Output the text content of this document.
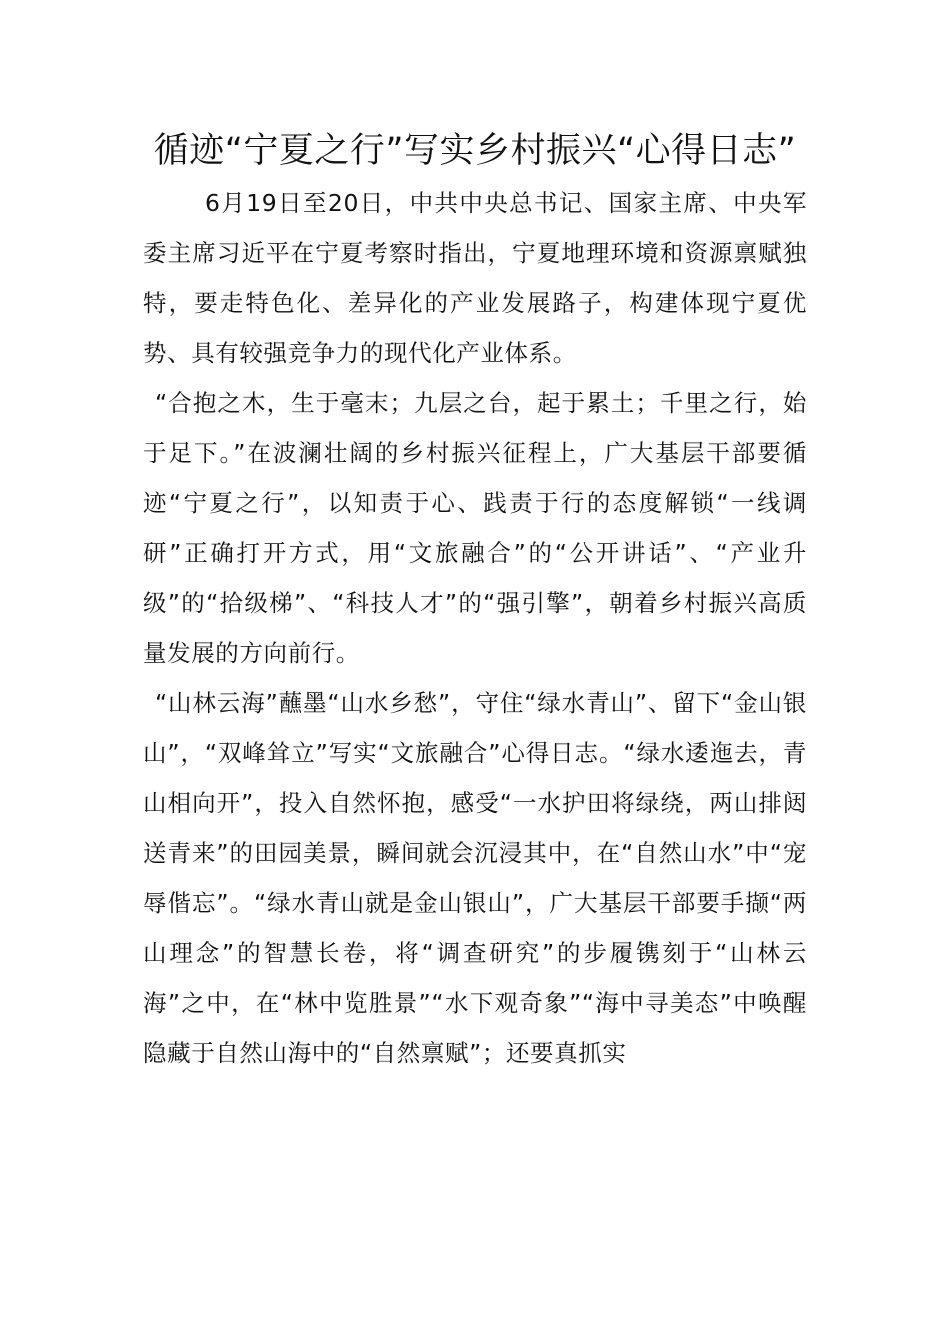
循迹“宁夏之行”写实乡村振兴“心得日志”

6月19日至20日，中共中央总书记、国家主席、中央军委主席习近平在宁夏考察时指出，宁夏地理环境和资源禀赋独特，要走特色化、差异化的产业发展路子，构建体现宁夏优势、具有较强竞争力的现代化产业体系。

“合抱之木，生于毫末；九层之台，起于累土；千里之行，始于足下。”在波澜壮阔的乡村振兴征程上，广大基层干部要循迹“宁夏之行”，以知责于心、践责于行的态度解锁“一线调研”正确打开方式，用“文旅融合”的“公开讲话”、“产业升级”的“拾级梯”、“科技人才”的“强引擎”，朝着乡村振兴高质量发展的方向前行。

“山林云海”蘸墨“山水乡愁”，守住“绿水青山”、留下“金山银山”，“双峰耸立”写实“文旅融合”心得日志。“绿水逶迤去，青山相向开”，投入自然怀抱，感受“一水护田将绿绕，两山排闼送青来”的田园美景，瞬间就会沉浸其中，在“自然山水”中“宠辱偕忘”。“绿水青山就是金山银山”，广大基层干部要手撷“两山理念”的智慧长卷，将“调查研究”的步履镌刻于“山林云海”之中，在“林中览胜景”“水下观奇象”“海中寻美态”中唤醒隐藏于自然山海中的“自然禀赋”；还要真抓实
